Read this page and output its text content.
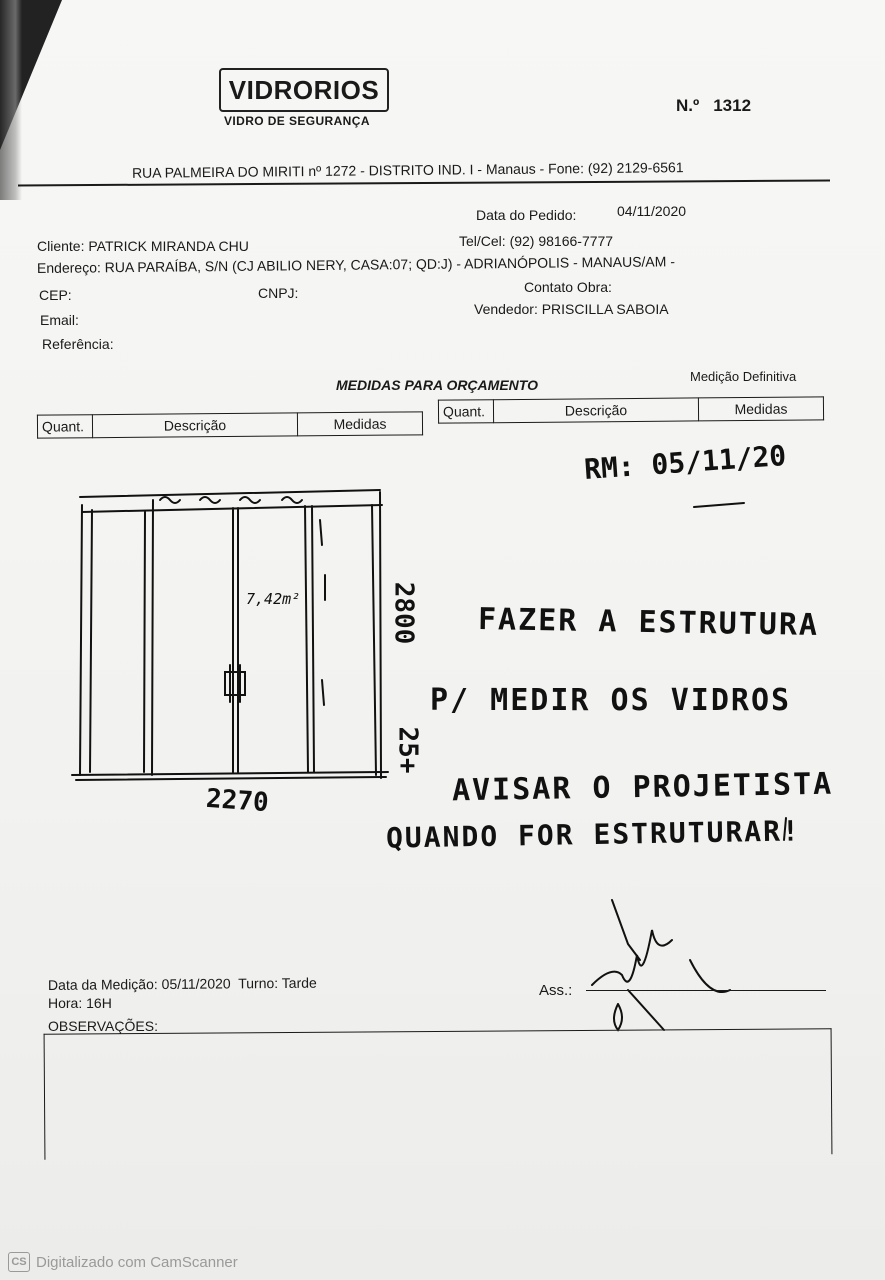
VIDRORIOS
VIDRO DE SEGURANÇA
N.º 1312
RUA PALMEIRA DO MIRITI nº 1272 - DISTRITO IND. I - Manaus - Fone: (92) 2129-6561
Data do Pedido:	04/11/2020
Cliente: PATRICK MIRANDA CHU	Tel/Cel: (92) 98166-7777
Endereço: RUA PARAÍBA, S/N (CJ ABILIO NERY, CASA:07; QD:J) - ADRIANÓPOLIS - MANAUS/AM -
CEP:	CNPJ:	Contato Obra:
Email:
Vendedor: PRISCILLA SABOIA
Referência:
MEDIDAS PARA ORÇAMENTO
Medição Definitiva
Quant.	Descrição	Medidas
Quant.	Descrição	Medidas
RM: 05/11/20
7,42m²
2270
2800
25+
FAZER A ESTRUTURA
P/ MEDIR OS VIDROS
AVISAR O PROJETISTA
QUANDO FOR ESTRUTURAR!
Data da Medição: 05/11/2020 Turno: Tarde
Hora: 16H
Ass.:
OBSERVAÇÕES:
CS Digitalizado com CamScanner
